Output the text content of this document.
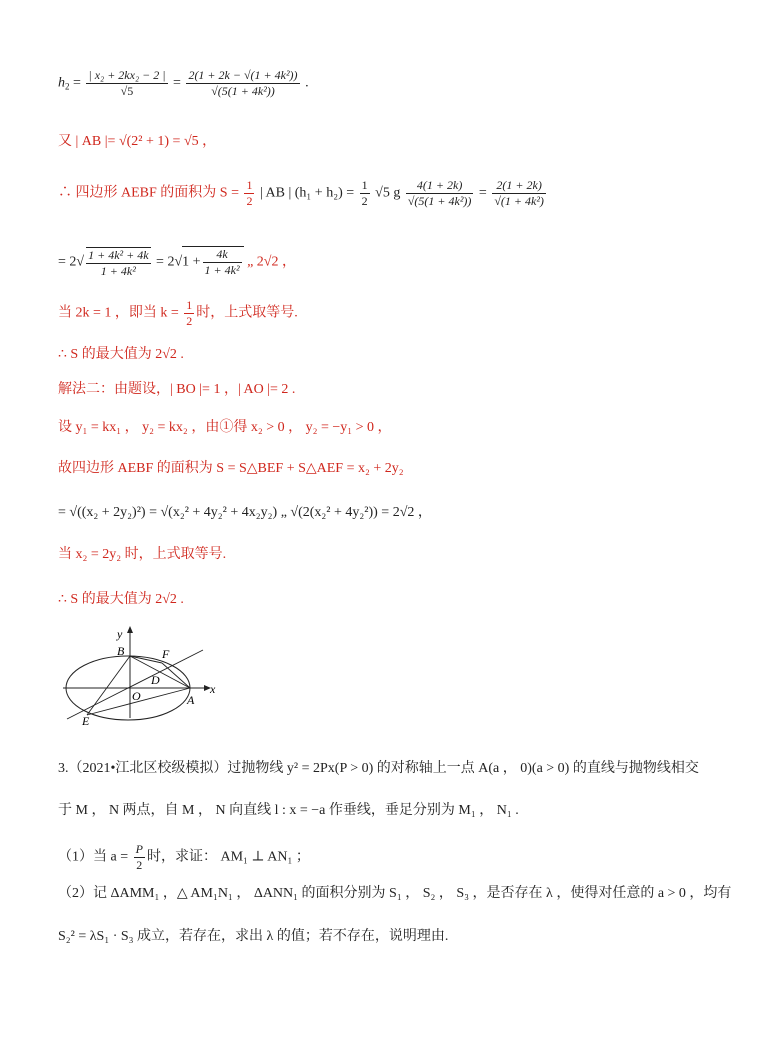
$h_2 = \frac{\text{| x₂ + 2kx₂ − 2 |}}{√5} = \frac{\text{2(1 + 2k − √(1 + 4k²))}}{\text{√(5(1 + 4k²))}}$ .
又 | AB |= √(2² + 1) = √5 ，
∴ 四边形 AEBF 的面积为 $S = \frac{1}{2}$ | AB | $(h_1 + h_2) = \frac{1}{2} √5$ g $\frac{4(1 + 2k)}{\text{√(5(1 + 4k²))}} = \frac{2(1 + 2k)}{\text{√(1 + 4k²)}}$
= $2√ \frac{\text{1 + 4k² + 4k}}{\text{1 + 4k²}} = 2√1 + \frac{4k}{\text{1 + 4k²}}$ „ 2√2 ，
当 2k = 1 ，即当 $k = \frac{1}{2}$ 时，上式取等号.
∴ S 的最大值为 2√2 .
解法二：由题设，| BO |= 1 ，| AO |= 2 .
设 y₁ = kx₁ ， y₂ = kx₂ ，由①得 x₂ > 0 ， y₂ = −y₁ > 0 ，
故四边形 AEBF 的面积为 S = S△BEF + S△AEF = x₂ + 2y₂
= √((x₂ + 2y₂)²) = √(x₂² + 4y₂² + 4x₂y₂) „ √(2(x₂² + 4y₂²)) = 2√2 ，
当 x₂ = 2y₂ 时，上式取等号.
∴ S 的最大值为 2√2 .
y
x
B	F
D
O	A
E
3.（2021•江北区校级模拟）过抛物线 y² = 2Px(P > 0) 的对称轴上一点 A(a ， 0)(a > 0) 的直线与抛物线相交
于 M ， N 两点，自 M ， N 向直线 l : x = −a 作垂线，垂足分别为 M₁ ， N₁ .
（1）当 $a = \frac{P}{2}$ 时，求证： AM₁ ⊥ AN₁ ；
（2）记 ΔAMM₁ ，△ AM₁N₁ ， ΔANN₁ 的面积分别为 S₁ ， S₂ ， S₃ ，是否存在 λ ，使得对任意的 a > 0 ，均有
S₂² = λS₁ · S₃ 成立，若存在，求出 λ 的值；若不存在，说明理由.
